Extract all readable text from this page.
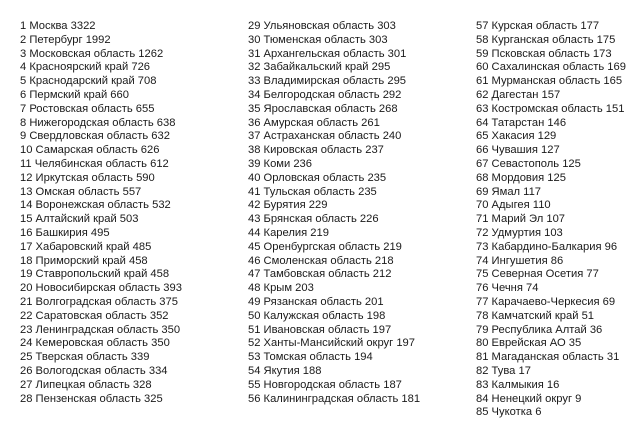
1 Москва 3322
2 Петербург 1992
3 Московская область 1262
4 Красноярский край 726
5 Краснодарский край 708
6 Пермский край 660
7 Ростовская область 655
8 Нижегородская область 638
9 Свердловская область 632
10 Самарская область 626
11 Челябинская область 612
12 Иркутская область 590
13 Омская область 557
14 Воронежская область 532
15 Алтайский край 503
16 Башкирия 495
17 Хабаровский край 485
18 Приморский край 458
19 Ставропольский край 458
20 Новосибирская область 393
21 Волгоградская область 375
22 Саратовская область 352
23 Ленинградская область 350
24 Кемеровская область 350
25 Тверская область 339
26 Вологодская область 334
27 Липецкая область 328
28 Пензенская область 325
29 Ульяновская область 303
30 Тюменская область 303
31 Архангельская область 301
32 Забайкальский край 295
33 Владимирская область 295
34 Белгородская область 292
35 Ярославская область 268
36 Амурская область 261
37 Астраханская область 240
38 Кировская область 237
39 Коми 236
40 Орловская область 235
41 Тульская область 235
42 Бурятия 229
43 Брянская область 226
44 Карелия 219
45 Оренбургская область 219
46 Смоленская область 218
47 Тамбовская область 212
48 Крым 203
49 Рязанская область 201
50 Калужская область 198
51 Ивановская область 197
52 Ханты-Мансийский округ 197
53 Томская область 194
54 Якутия 188
55 Новгородская область 187
56 Калининградская область 181
57 Курская область 177
58 Курганская область 175
59 Псковская область 173
60 Сахалинская область 169
61 Мурманская область 165
62 Дагестан 157
63 Костромская область 151
64 Татарстан 146
65 Хакасия 129
66 Чувашия 127
67 Севастополь 125
68 Мордовия 125
69 Ямал 117
70 Адыгея 110
71 Марий Эл 107
72 Удмуртия 103
73 Кабардино-Балкария 96
74 Ингушетия 86
75 Северная Осетия 77
76 Чечня 74
77 Карачаево-Черкесия 69
78 Камчатский край 51
79 Республика Алтай 36
80 Еврейская АО 35
81 Магаданская область 31
82 Тува 17
83 Калмыкия 16
84 Ненецкий округ 9
85 Чукотка 6
